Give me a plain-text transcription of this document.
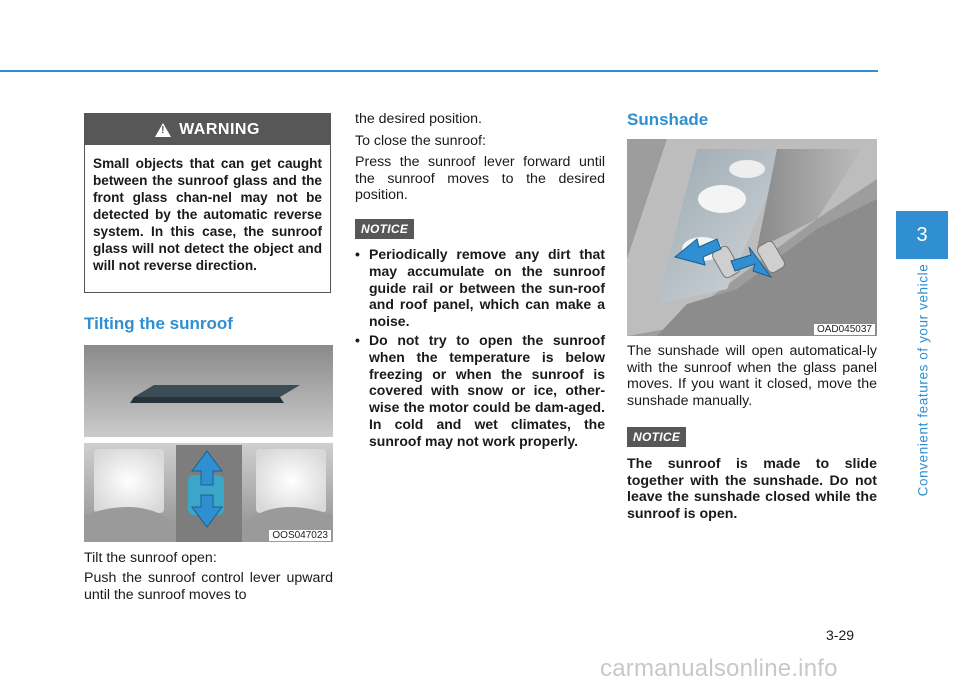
!
WARNING
Small objects that can get caught between the sunroof glass and the front glass chan-nel may not be detected by the automatic reverse system. In this case, the sunroof glass will not detect the object and will not reverse direction.
Tilting the sunroof
OOS047023

Tilt the sunroof open:

Push the sunroof control lever upward until the sunroof moves to

the desired position.

To close the sunroof:

Press the sunroof lever forward until the sunroof moves to the desired position.

NOTICE
• Periodically remove any dirt that may accumulate on the sunroof guide rail or between the sun-roof and roof panel, which can make a noise.
• Do not try to open the sunroof when the temperature is below freezing or when the sunroof is covered with snow or ice, other-wise the motor could be dam-aged. In cold and wet climates, the sunroof may not work properly.
Sunshade
OAD045037

The sunshade will open automatical-ly with the sunroof when the glass panel moves. If you want it closed, move the sunshade manually.

NOTICE

The sunroof is made to slide together with the sunshade. Do not leave the sunshade closed while the sunroof is open.

3
Convenient features of your vehicle
3-29
carmanualsonline.info
